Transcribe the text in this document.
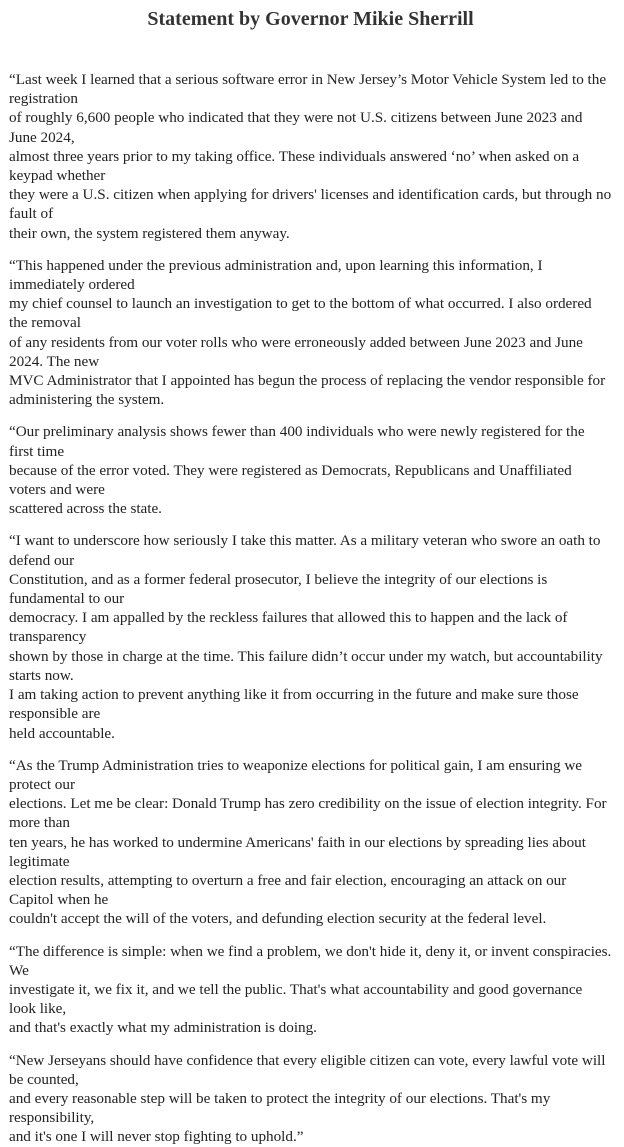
Statement by Governor Mikie Sherrill

“Last week I learned that a serious software error in New Jersey’s Motor Vehicle System led to the registration
of roughly 6,600 people who indicated that they were not U.S. citizens between June 2023 and June 2024,
almost three years prior to my taking office. These individuals answered ‘no’ when asked on a keypad whether
they were a U.S. citizen when applying for drivers' licenses and identification cards, but through no fault of
their own, the system registered them anyway.

“This happened under the previous administration and, upon learning this information, I immediately ordered
my chief counsel to launch an investigation to get to the bottom of what occurred. I also ordered the removal
of any residents from our voter rolls who were erroneously added between June 2023 and June 2024. The new
MVC Administrator that I appointed has begun the process of replacing the vendor responsible for
administering the system.

“Our preliminary analysis shows fewer than 400 individuals who were newly registered for the first time
because of the error voted. They were registered as Democrats, Republicans and Unaffiliated voters and were
scattered across the state.

“I want to underscore how seriously I take this matter. As a military veteran who swore an oath to defend our
Constitution, and as a former federal prosecutor, I believe the integrity of our elections is fundamental to our
democracy. I am appalled by the reckless failures that allowed this to happen and the lack of transparency
shown by those in charge at the time. This failure didn’t occur under my watch, but accountability starts now.
I am taking action to prevent anything like it from occurring in the future and make sure those responsible are
held accountable.

“As the Trump Administration tries to weaponize elections for political gain, I am ensuring we protect our
elections. Let me be clear: Donald Trump has zero credibility on the issue of election integrity. For more than
ten years, he has worked to undermine Americans' faith in our elections by spreading lies about legitimate
election results, attempting to overturn a free and fair election, encouraging an attack on our Capitol when he
couldn't accept the will of the voters, and defunding election security at the federal level.

“The difference is simple: when we find a problem, we don't hide it, deny it, or invent conspiracies. We
investigate it, we fix it, and we tell the public. That's what accountability and good governance look like,
and that's exactly what my administration is doing.

“New Jerseyans should have confidence that every eligible citizen can vote, every lawful vote will be counted,
and every reasonable step will be taken to protect the integrity of our elections. That's my responsibility,
and it's one I will never stop fighting to uphold.”
